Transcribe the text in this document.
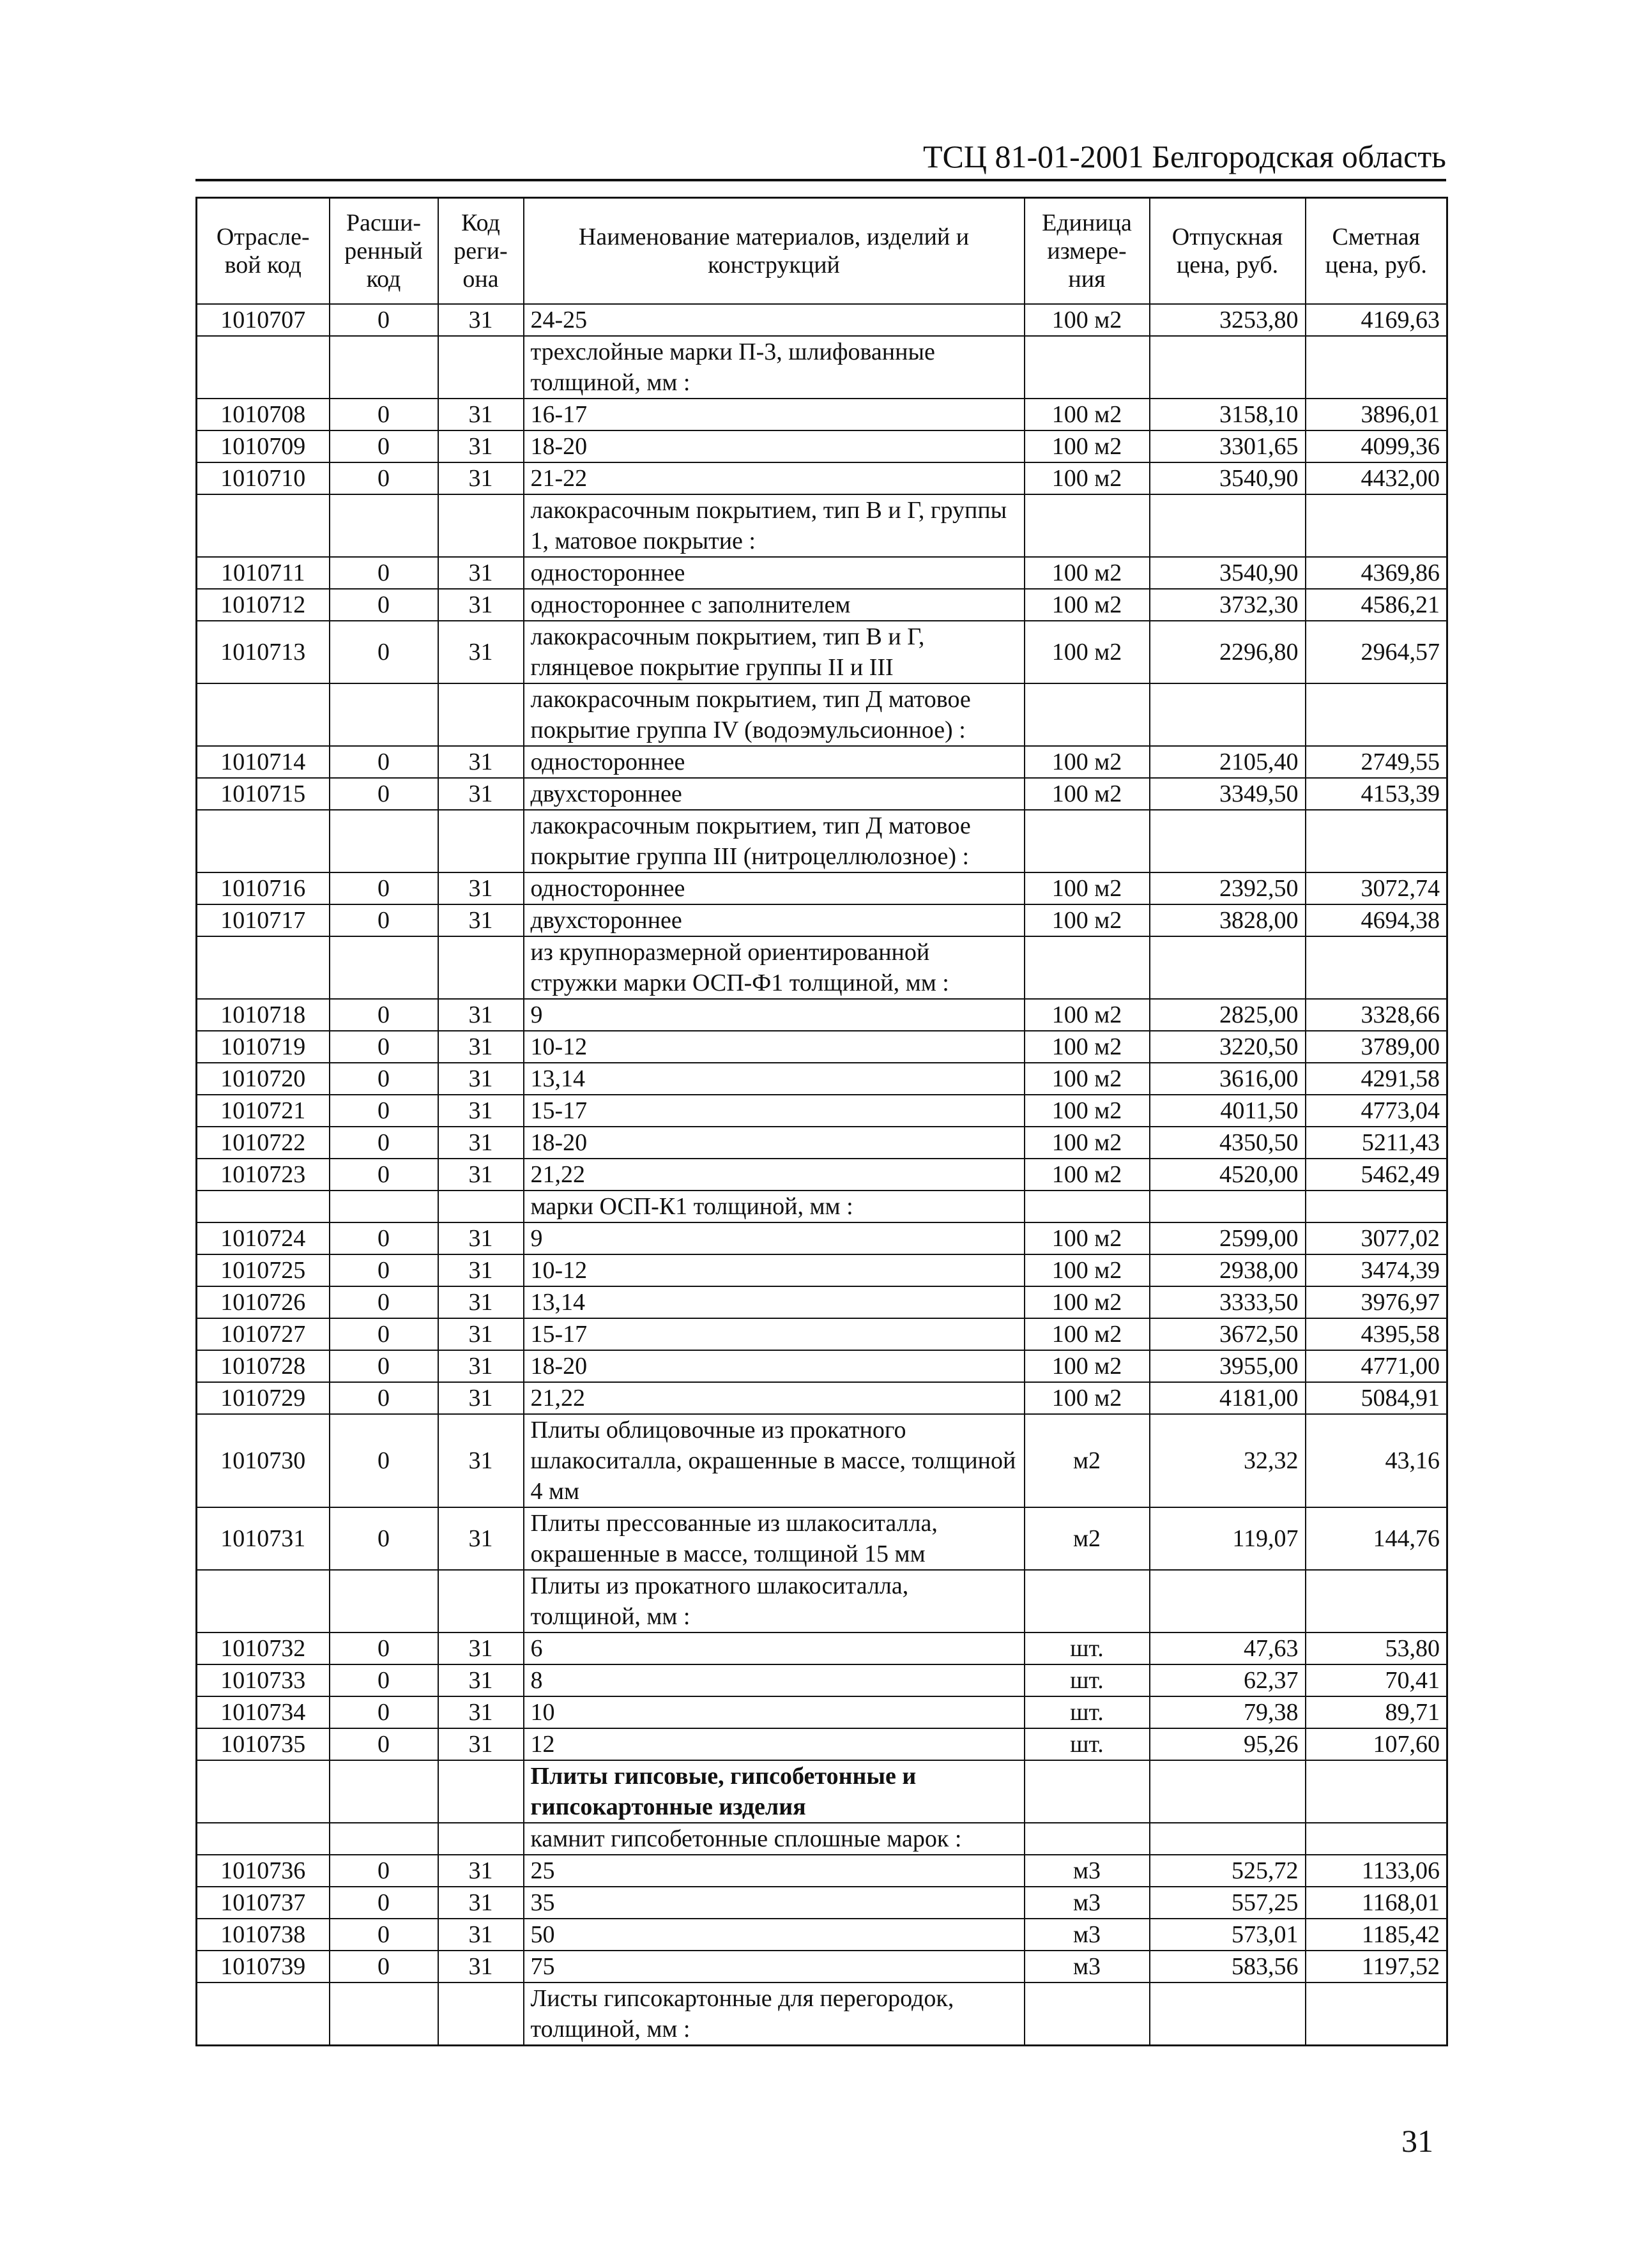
ТСЦ 81-01-2001 Белгородская область
Отрасле-вой код	Расши-ренный код	Код реги-она	Наименование материалов, изделий и конструкций	Единица измере-ния	Отпускная цена, руб.	Сметная цена, руб.
1010707	0	31	24-25	100 м2	3253,80	4169,63
			трехслойные марки П-3, шлифованные толщиной, мм :			
1010708	0	31	16-17	100 м2	3158,10	3896,01
1010709	0	31	18-20	100 м2	3301,65	4099,36
1010710	0	31	21-22	100 м2	3540,90	4432,00
			лакокрасочным покрытием, тип В и Г, группы 1, матовое покрытие :			
1010711	0	31	одностороннее	100 м2	3540,90	4369,86
1010712	0	31	одностороннее с заполнителем	100 м2	3732,30	4586,21
1010713	0	31	лакокрасочным покрытием, тип В и Г, глянцевое покрытие группы II и III	100 м2	2296,80	2964,57
			лакокрасочным покрытием, тип Д матовое покрытие группа IV (водоэмульсионное) :			
1010714	0	31	одностороннее	100 м2	2105,40	2749,55
1010715	0	31	двухстороннее	100 м2	3349,50	4153,39
			лакокрасочным покрытием, тип Д матовое покрытие группа III (нитроцеллюлозное) :			
1010716	0	31	одностороннее	100 м2	2392,50	3072,74
1010717	0	31	двухстороннее	100 м2	3828,00	4694,38
			из крупноразмерной ориентированной стружки марки ОСП-Ф1 толщиной, мм :			
1010718	0	31	9	100 м2	2825,00	3328,66
1010719	0	31	10-12	100 м2	3220,50	3789,00
1010720	0	31	13,14	100 м2	3616,00	4291,58
1010721	0	31	15-17	100 м2	4011,50	4773,04
1010722	0	31	18-20	100 м2	4350,50	5211,43
1010723	0	31	21,22	100 м2	4520,00	5462,49
			марки ОСП-К1 толщиной, мм :			
1010724	0	31	9	100 м2	2599,00	3077,02
1010725	0	31	10-12	100 м2	2938,00	3474,39
1010726	0	31	13,14	100 м2	3333,50	3976,97
1010727	0	31	15-17	100 м2	3672,50	4395,58
1010728	0	31	18-20	100 м2	3955,00	4771,00
1010729	0	31	21,22	100 м2	4181,00	5084,91
1010730	0	31	Плиты облицовочные из прокатного шлакоситалла, окрашенные в массе, толщиной 4 мм	м2	32,32	43,16
1010731	0	31	Плиты прессованные из шлакоситалла, окрашенные в массе, толщиной 15 мм	м2	119,07	144,76
			Плиты из прокатного шлакоситалла, толщиной, мм :			
1010732	0	31	6	шт.	47,63	53,80
1010733	0	31	8	шт.	62,37	70,41
1010734	0	31	10	шт.	79,38	89,71
1010735	0	31	12	шт.	95,26	107,60
			Плиты гипсовые, гипсобетонные и гипсокартонные изделия			
			камнит гипсобетонные сплошные марок :			
1010736	0	31	25	м3	525,72	1133,06
1010737	0	31	35	м3	557,25	1168,01
1010738	0	31	50	м3	573,01	1185,42
1010739	0	31	75	м3	583,56	1197,52
			Листы гипсокартонные для перегородок, толщиной, мм :			
31
